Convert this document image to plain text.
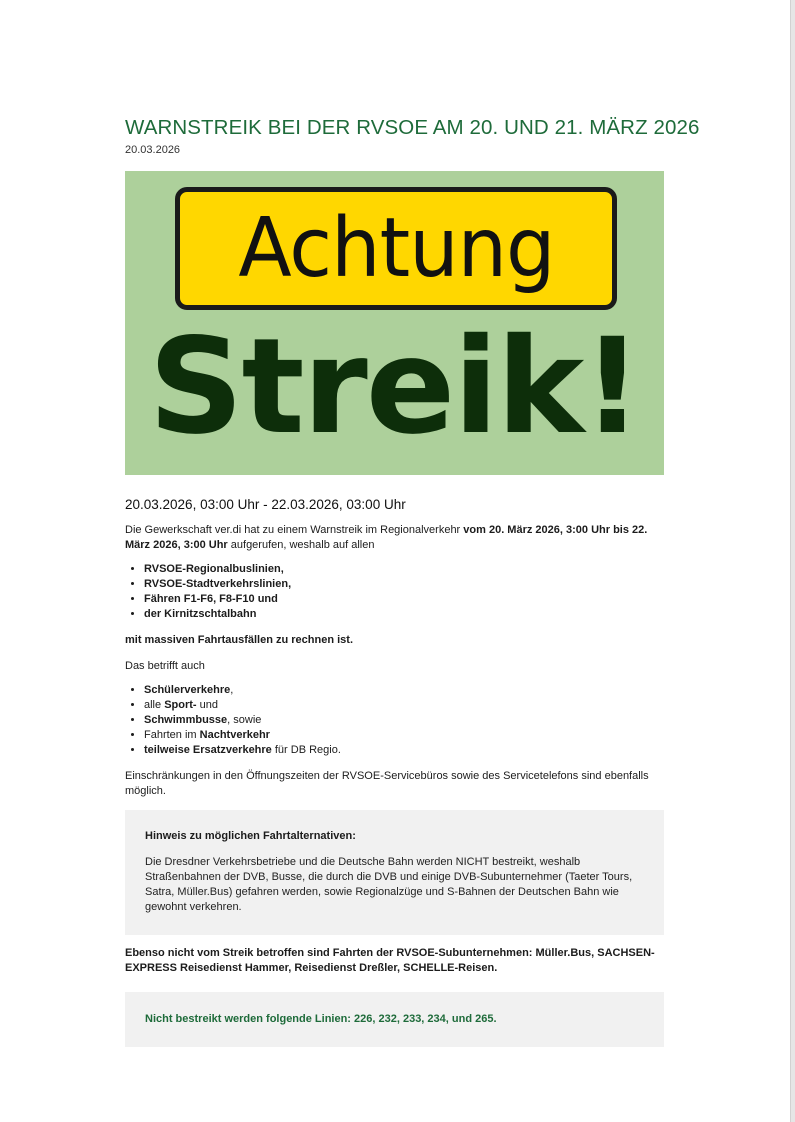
WARNSTREIK BEI DER RVSOE AM 20. UND 21. MÄRZ 2026
20.03.2026
Achtung
Streik!
20.03.2026, 03:00 Uhr - 22.03.2026, 03:00 Uhr

Die Gewerkschaft ver.di hat zu einem Warnstreik im Regionalverkehr vom 20. März 2026, 3:00 Uhr bis 22. März 2026, 3:00 Uhr aufgerufen, weshalb auf allen

• RVSOE-Regionalbuslinien,
• RVSOE-Stadtverkehrslinien,
• Fähren F1-F6, F8-F10 und
• der Kirnitzschtalbahn

mit massiven Fahrtausfällen zu rechnen ist.

Das betrifft auch

• Schülerverkehre,
• alle Sport- und
• Schwimmbusse, sowie
• Fahrten im Nachtverkehr
• teilweise Ersatzverkehre für DB Regio.

Einschränkungen in den Öffnungszeiten der RVSOE-Servicebüros sowie des Servicetelefons sind ebenfalls möglich.

Hinweis zu möglichen Fahrtalternativen:
Die Dresdner Verkehrsbetriebe und die Deutsche Bahn werden NICHT bestreikt, weshalb Straßenbahnen der DVB, Busse, die durch die DVB und einige DVB-Subunternehmer (Taeter Tours, Satra, Müller.Bus) gefahren werden, sowie Regionalzüge und S-Bahnen der Deutschen Bahn wie gewohnt verkehren.

Ebenso nicht vom Streik betroffen sind Fahrten der RVSOE-Subunternehmen: Müller.Bus, SACHSEN-EXPRESS Reisedienst Hammer, Reisedienst Dreßler, SCHELLE-Reisen.

Nicht bestreikt werden folgende Linien: 226, 232, 233, 234, und 265.
